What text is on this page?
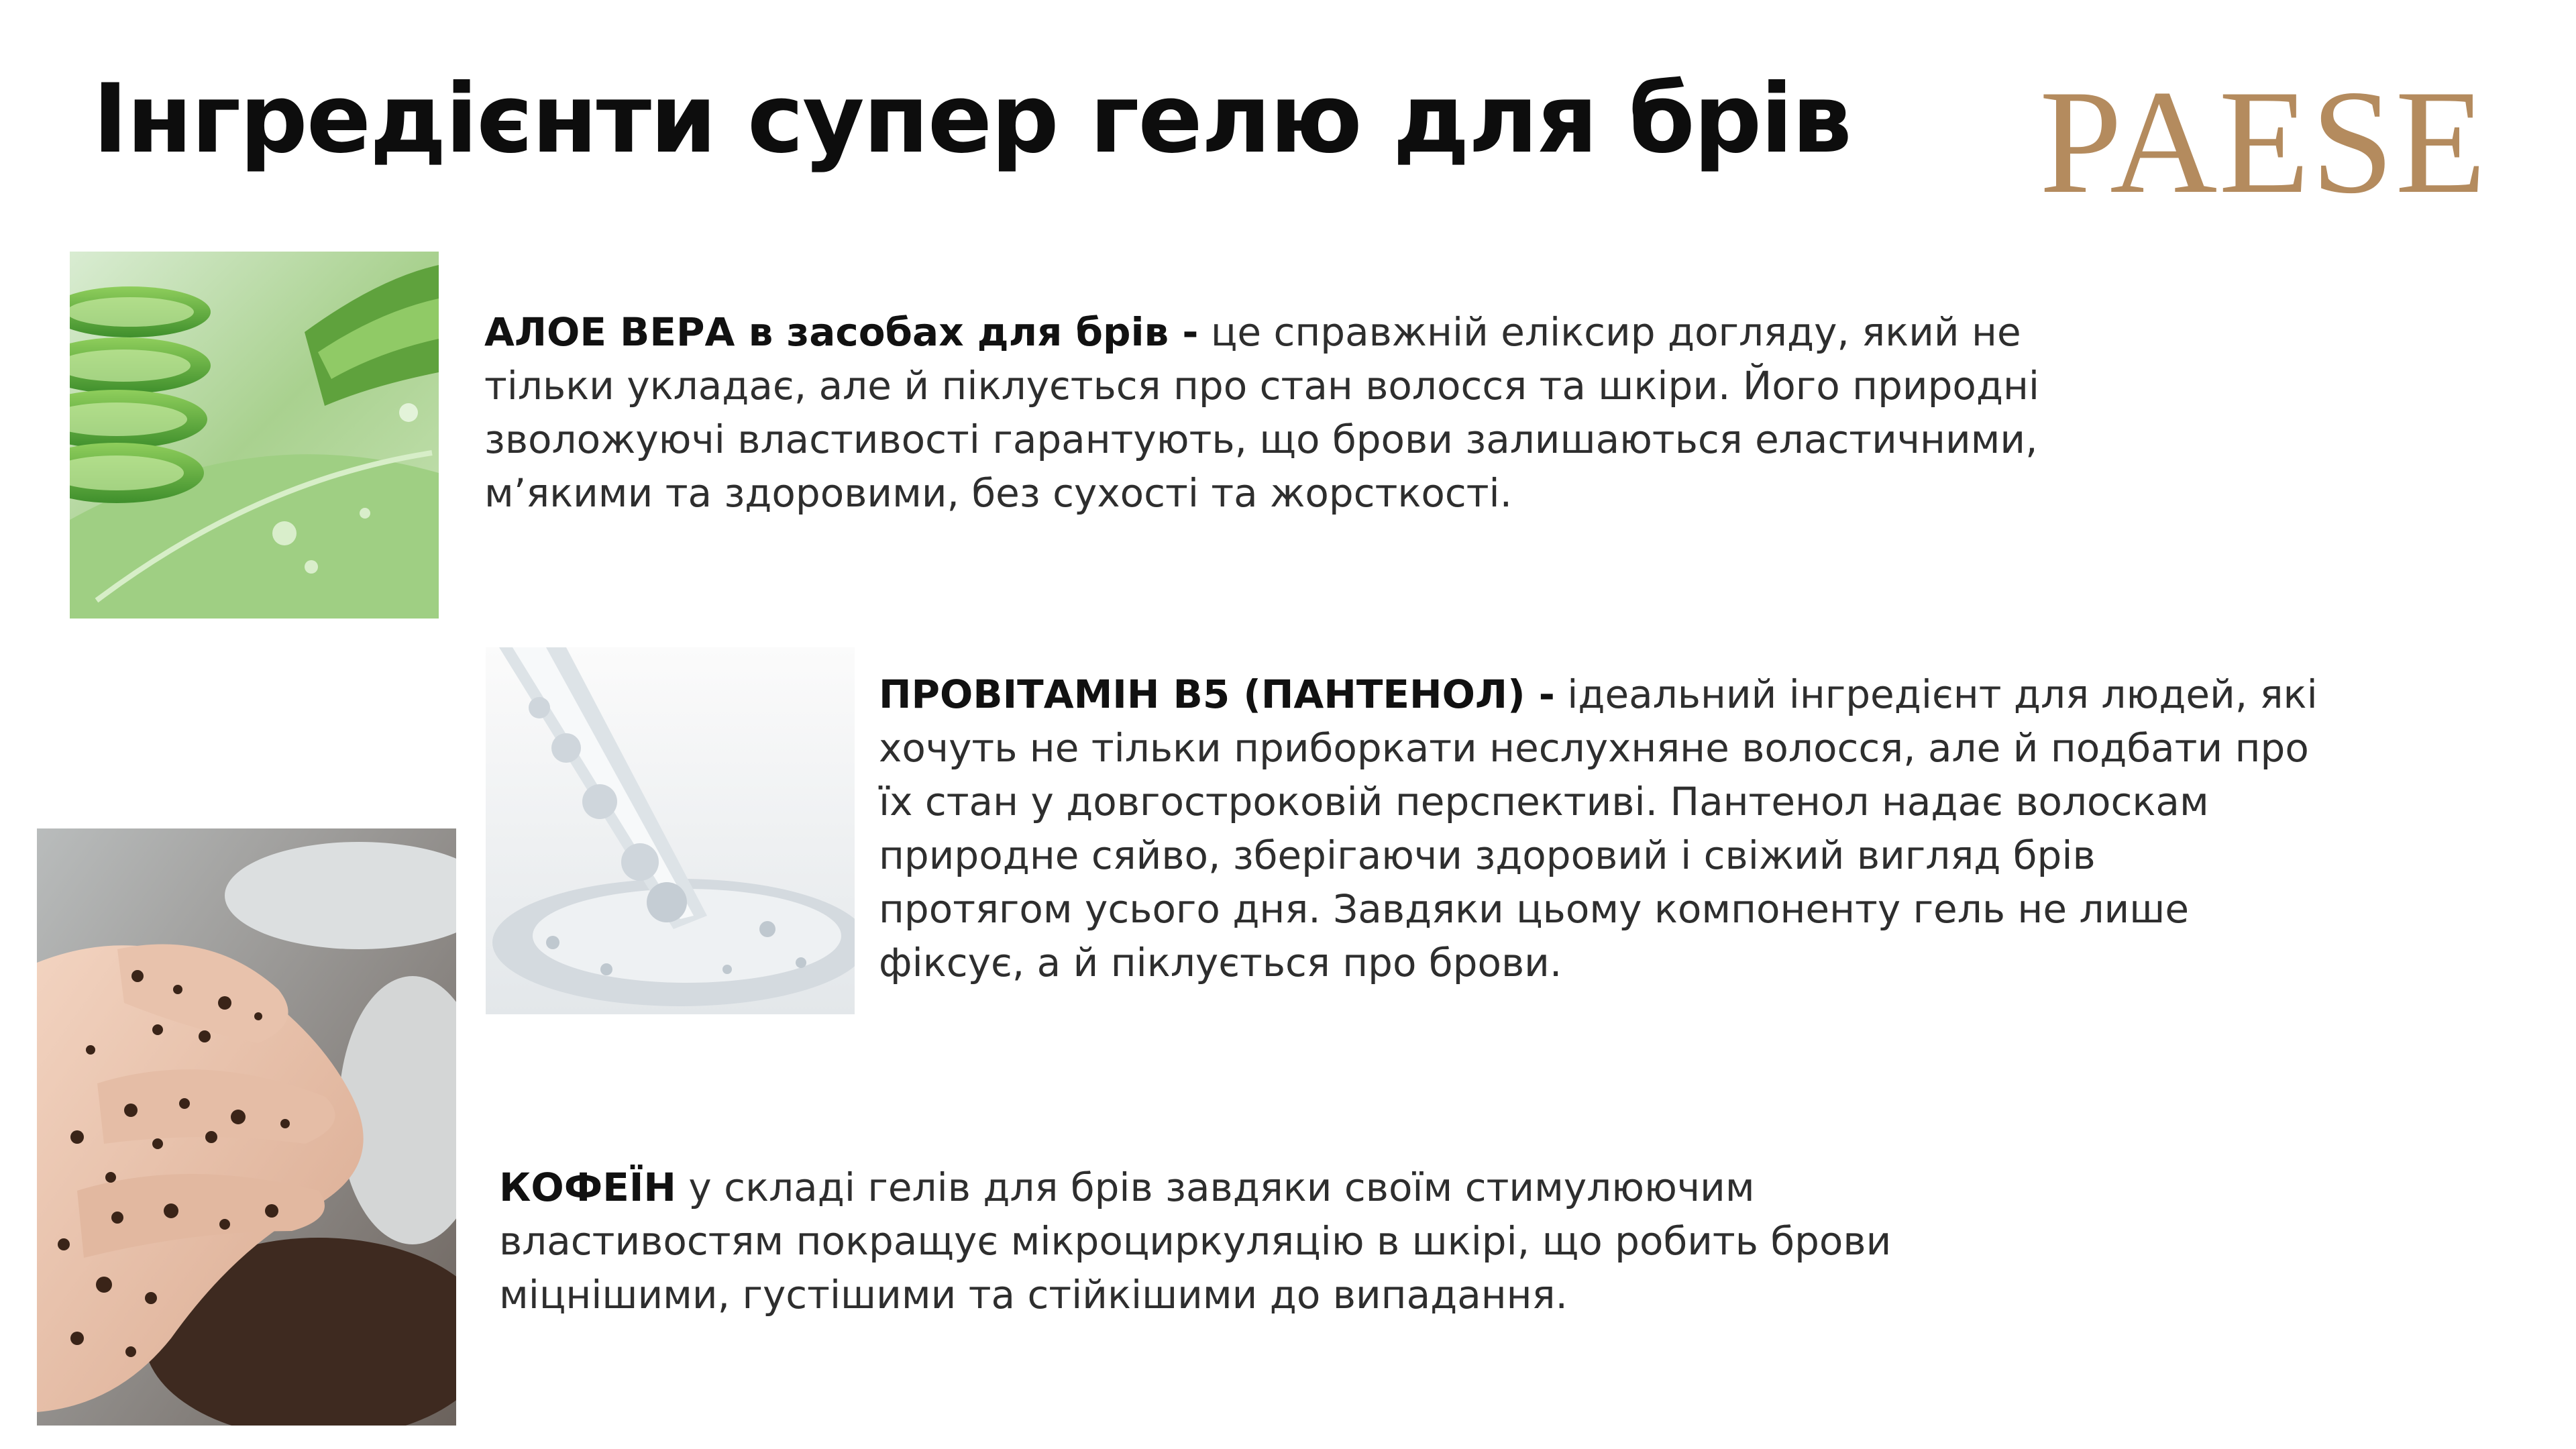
Інгредієнти супер гелю для брів PAESE
АЛОЕ ВЕРА в засобах для брів - це справжній еліксир догляду, який не
тільки укладає, але й піклується про стан волосся та шкіри. Його природні
зволожуючі властивості гарантують, що брови залишаються еластичними,
м’якими та здоровими, без сухості та жорсткості.
ПРОВІТАМІН B5 (ПАНТЕНОЛ) - ідеальний інгредієнт для людей, які
хочуть не тільки приборкати неслухняне волосся, але й подбати про
їх стан у довгостроковій перспективі. Пантенол надає волоскам
природне сяйво, зберігаючи здоровий і свіжий вигляд брів
протягом усього дня. Завдяки цьому компоненту гель не лише
фіксує, а й піклується про брови.
КОФЕЇН у складі гелів для брів завдяки своїм стимулюючим
властивостям покращує мікроциркуляцію в шкірі, що робить брови
міцнішими, густішими та стійкішими до випадання.
